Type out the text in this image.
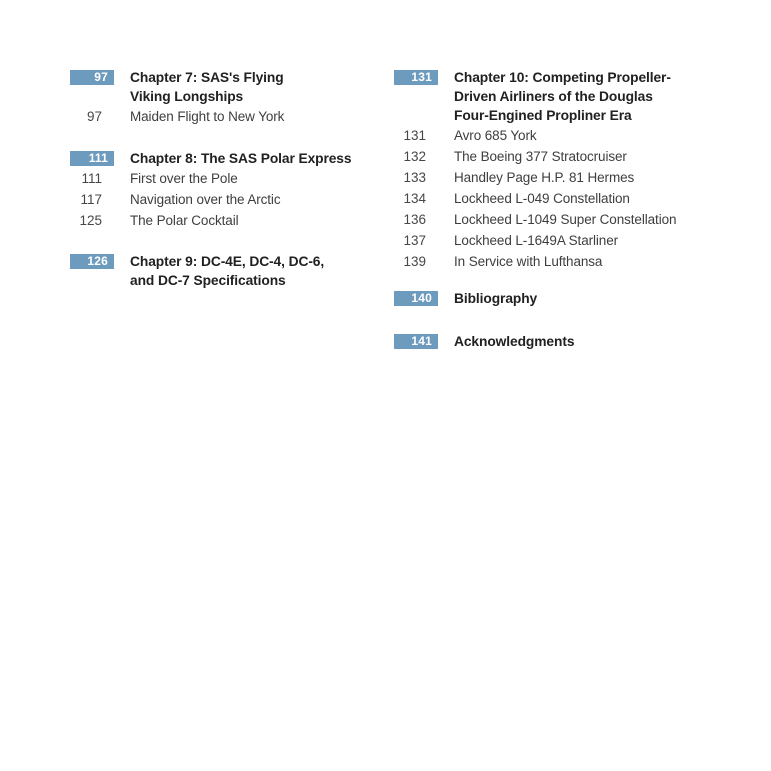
97	Chapter 7: SAS's Flying
Viking Longships
97	Maiden Flight to New York
111	Chapter 8: The SAS Polar Express
111	First over the Pole
117	Navigation over the Arctic
125	The Polar Cocktail
126	Chapter 9: DC-4E, DC-4, DC-6,
and DC-7 Specifications
131	Chapter 10: Competing Propeller-
Driven Airliners of the Douglas
Four-Engined Propliner Era
131	Avro 685 York
132	The Boeing 377 Stratocruiser
133	Handley Page H.P. 81 Hermes
134	Lockheed L-049 Constellation
136	Lockheed L-1049 Super Constellation
137	Lockheed L-1649A Starliner
139	In Service with Lufthansa
140	Bibliography
141	Acknowledgments
